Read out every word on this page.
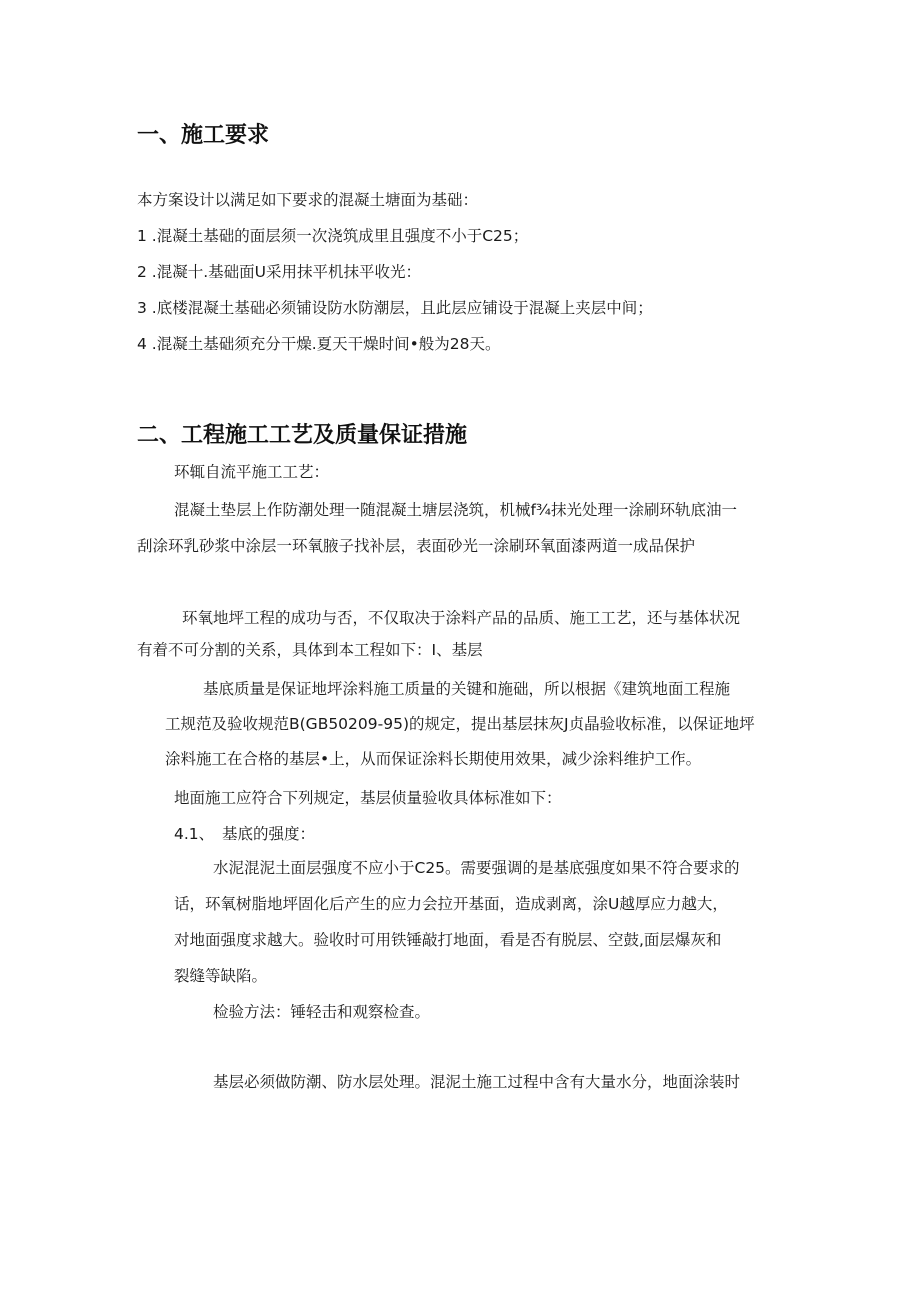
一、施工要求
本方案设计以满足如下要求的混凝土塘面为基础：
1 .混凝土基础的面层须一次浇筑成里且强度不小于C25；
2 .混凝十.基础面U采用抹平机抹平收光：
3 .底楼混凝土基础必须铺设防水防潮层，且此层应铺设于混凝上夹层中间；
4 .混凝土基础须充分干燥.夏天干燥时间•般为28天。
二、工程施工工艺及质量保证措施
环辄自流平施工工艺：
混凝土垫层上作防潮处理一随混凝土塘层浇筑，机械f¾抹光处理一涂刷环轨底油一
刮涂环乳砂浆中涂层一环氧腋子找补层，表面砂光一涂刷环氧面漆两道一成品保护
环氧地坪工程的成功与否，不仅取决于涂料产品的品质、施工工艺，还与基体状况
有着不可分割的关系，具体到本工程如下：I、基层
基底质量是保证地坪涂料施工质量的关键和施础，所以根据《建筑地面工程施
工规范及验收规范B(GB50209-95)的规定，提出基层抹灰J贞晶验收标准，以保证地坪
涂料施工在合格的基层•上，从而保证涂料长期使用效果，减少涂料维护工作。
地面施工应符合下列规定，基层侦量验收具体标准如下：
4.1、 基底的强度：
水泥混泥土面层强度不应小于C25。需要强调的是基底强度如果不符合要求的
话，环氧树脂地坪固化后产生的应力会拉开基面，造成剥离，涂U越厚应力越大，
对地面强度求越大。验收时可用铁锤敲打地面，看是否有脱层、空鼓,面层爆灰和
裂缝等缺陷。
检验方法：锤轻击和观察检查。
基层必须做防潮、防水层处理。混泥土施工过程中含有大量水分，地面涂装时
